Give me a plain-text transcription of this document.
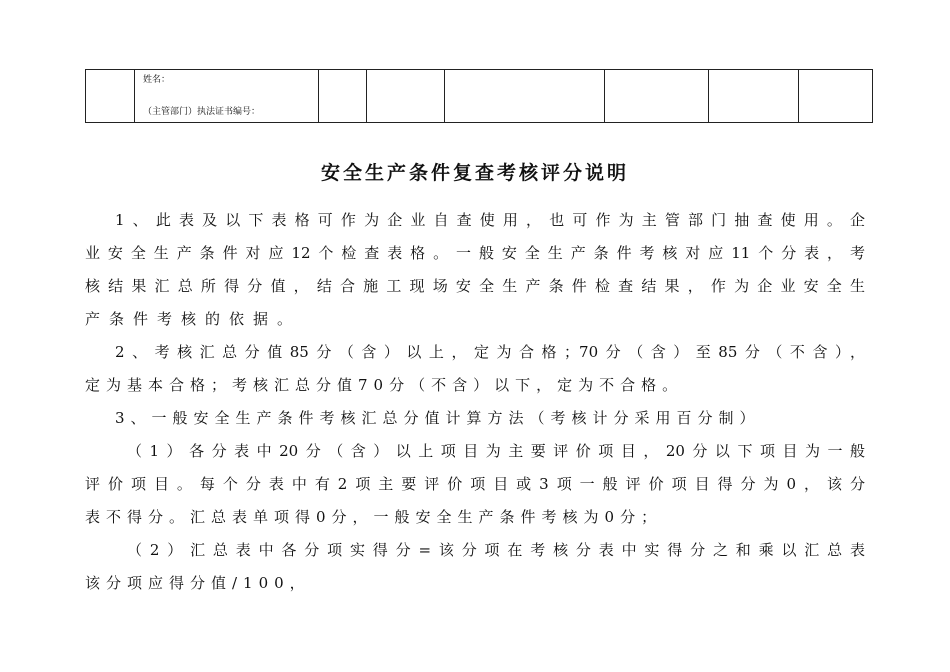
姓名：
（主管部门）执法证书编号：

安全生产条件复查考核评分说明
1、此表及以下表格可作为企业自查使用，也可作为主管部门抽查使用。企
业安全生产条件对应12个检查表格。一般安全生产条件考核对应11个分表，考
核结果汇总所得分值，结合施工现场安全生产条件检查结果，作为企业安全生
产条件考核的依据。
2、考核汇总分值85分（含）以上，定为合格；70分（含）至85分（不含），
定为基本合格；考核汇总分值70分（不含）以下，定为不合格。
3、一般安全生产条件考核汇总分值计算方法（考核计分采用百分制）
（1）各分表中20分（含）以上项目为主要评价项目，20分以下项目为一般
评价项目。每个分表中有2项主要评价项目或3项一般评价项目得分为0，该分
表不得分。汇总表单项得0分，一般安全生产条件考核为0分；
（2）汇总表中各分项实得分=该分项在考核分表中实得分之和乘以汇总表
该分项应得分值/100，
